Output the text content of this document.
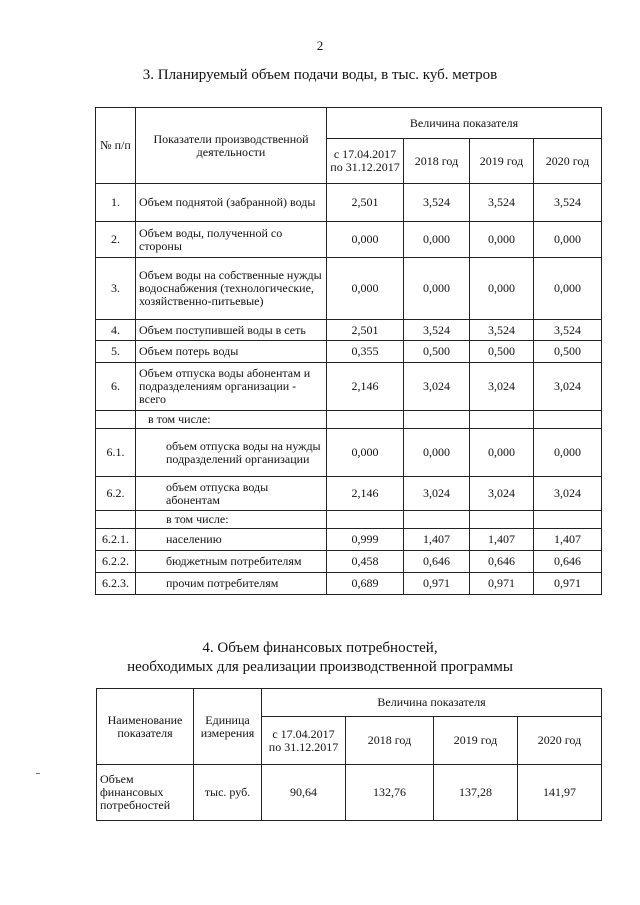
2
3. Планируемый объем подачи воды, в тыс. куб. метров
№ п/п	Показатели производственной деятельности	Величина показателя			
		с 17.04.2017 по 31.12.2017	2018 год	2019 год	2020 год
1.	Объем поднятой (забранной) воды	2,501	3,524	3,524	3,524
2.	Объем воды, полученной со стороны	0,000	0,000	0,000	0,000
3.	Объем воды на собственные нужды водоснабжения (технологические, хозяйственно-питьевые)	0,000	0,000	0,000	0,000
4.	Объем поступившей воды в сеть	2,501	3,524	3,524	3,524
5.	Объем потерь воды	0,355	0,500	0,500	0,500
6.	Объем отпуска воды абонентам и подразделениям организации - всего	2,146	3,024	3,024	3,024
	в том числе:				
6.1.	объем отпуска воды на нужды подразделений организации	0,000	0,000	0,000	0,000
6.2.	объем отпуска воды абонентам	2,146	3,024	3,024	3,024
	в том числе:				
6.2.1.	населению	0,999	1,407	1,407	1,407
6.2.2.	бюджетным потребителям	0,458	0,646	0,646	0,646
6.2.3.	прочим потребителям	0,689	0,971	0,971	0,971
4. Объем финансовых потребностей,
необходимых для реализации производственной программы
Наименование показателя	Единица измерения	Величина показателя			
		с 17.04.2017 по 31.12.2017	2018 год	2019 год	2020 год
Объем финансовых потребностей	тыс. руб.	90,64	132,76	137,28	141,97
